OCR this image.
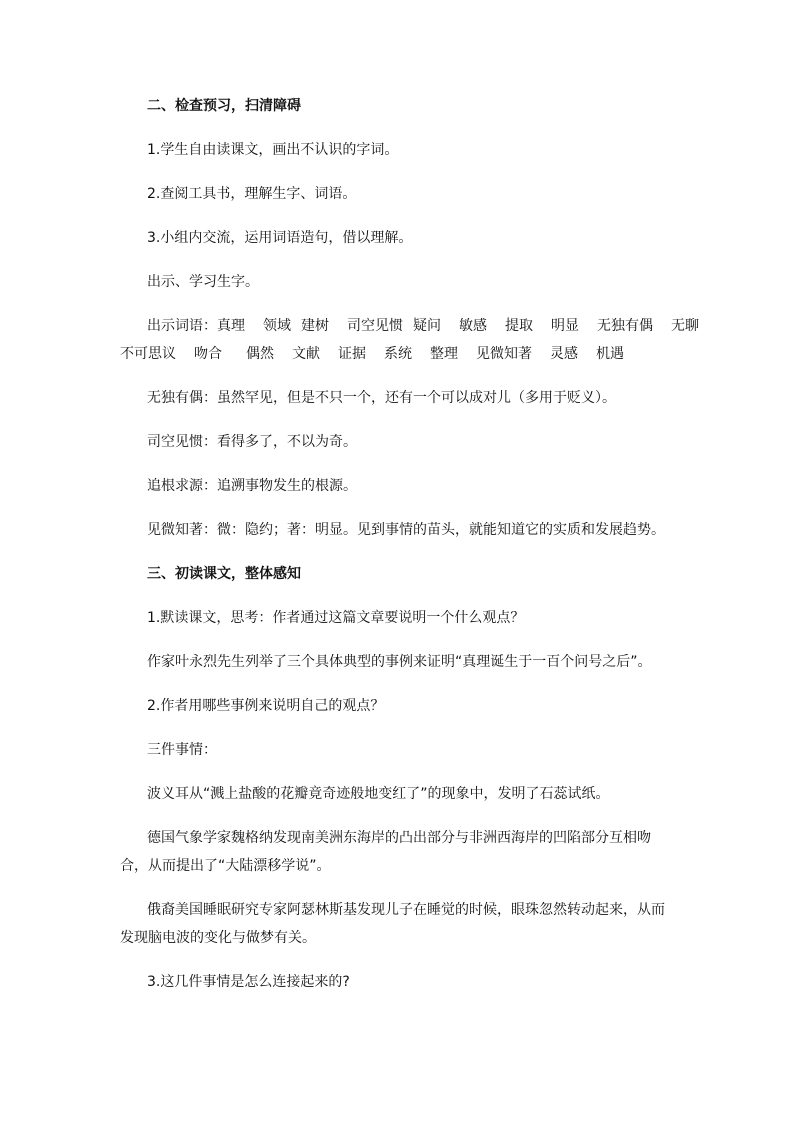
二、检查预习，扫清障碍

1.学生自由读课文，画出不认识的字词。

2.查阅工具书，理解生字、词语。

3.小组内交流，运用词语造句，借以理解。

出示、学习生字。

出示词语：真理 领域 建树 司空见惯 疑问 敏感 提取 明显 无独有偶 无聊
不可思议 吻合 偶然 文献 证据 系统 整理 见微知著 灵感 机遇

无独有偶：虽然罕见，但是不只一个，还有一个可以成对儿（多用于贬义）。

司空见惯：看得多了，不以为奇。

追根求源：追溯事物发生的根源。

见微知著：微：隐约；著：明显。见到事情的苗头，就能知道它的实质和发展趋势。

三、初读课文，整体感知

1.默读课文，思考：作者通过这篇文章要说明一个什么观点？

作家叶永烈先生列举了三个具体典型的事例来证明“真理诞生于一百个问号之后”。

2.作者用哪些事例来说明自己的观点？

三件事情：

波义耳从“溅上盐酸的花瓣竟奇迹般地变红了”的现象中，发明了石蕊试纸。

德国气象学家魏格纳发现南美洲东海岸的凸出部分与非洲西海岸的凹陷部分互相吻合，从而提出了“大陆漂移学说”。

俄裔美国睡眠研究专家阿瑟林斯基发现儿子在睡觉的时候，眼珠忽然转动起来，从而发现脑电波的变化与做梦有关。

3.这几件事情是怎么连接起来的?
